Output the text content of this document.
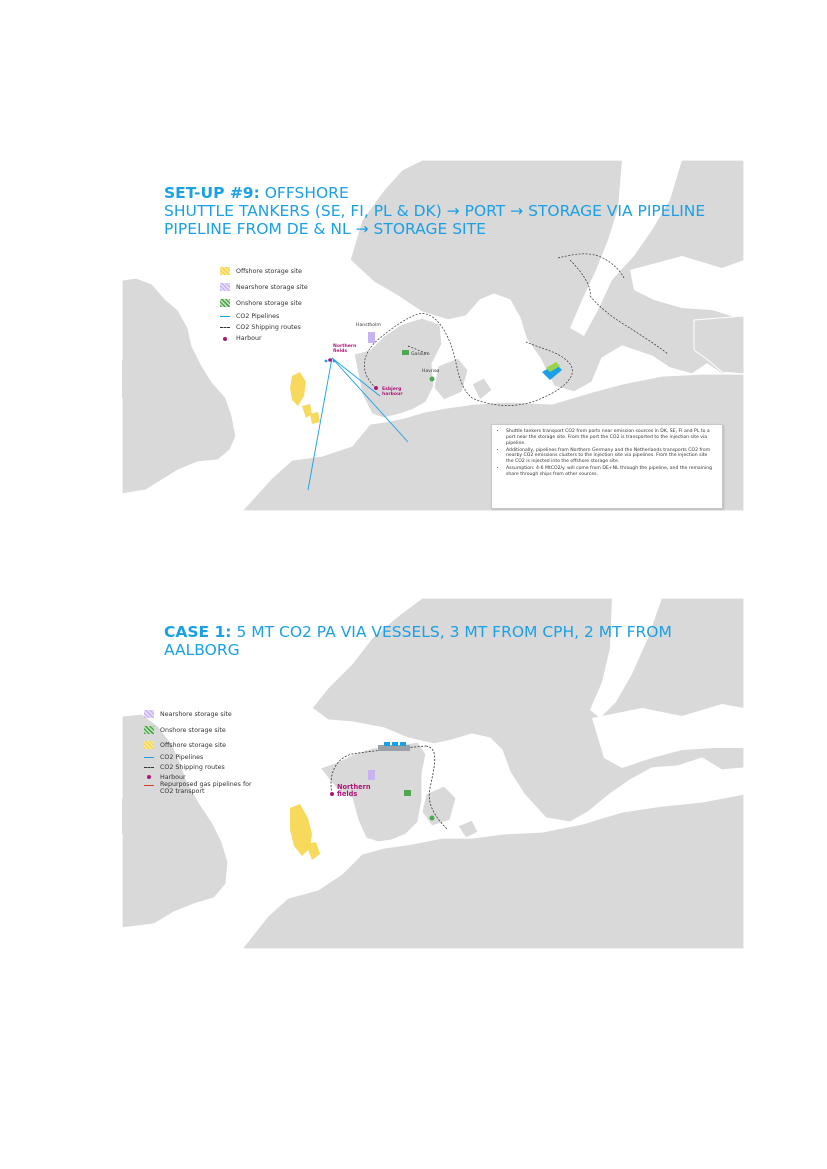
SET-UP #9: OFFSHORE
SHUTTLE TANKERS (SE, FI, PL & DK) → PORT → STORAGE VIA PIPELINE
PIPELINE FROM DE & NL → STORAGE SITE
Offshore storage site
Nearshore storage site
Onshore storage site
CO2 Pipelines
CO2 Shipping routes
Harbour
Hanstholm
Northern fields
Gassum
Havnsø
Esbjerg harbour
• Shuttle tankers transport CO2 from ports near emission sources in DK, SE, FI and PL to a port near the storage site. From the port the CO2 is transported to the injection site via pipeline.
• Additionally, pipelines from Northern Germany and the Netherlands transports CO2 from nearby CO2 emissions clusters to the injection site via pipelines. From the injection site the CO2 is injected into the offshore storage site.
• Assumption: 4-6 MtCO2/y. will come from DE+NL through the pipeline, and the remaining share through ships from other sources.
CASE 1: 5 MT CO2 PA VIA VESSELS, 3 MT FROM CPH, 2 MT FROM
AALBORG
Nearshore storage site
Onshore storage site
Offshore storage site
CO2 Pipelines
CO2 Shipping routes
Harbour
Repurposed gas pipelines for CO2 transport	Northern fields
